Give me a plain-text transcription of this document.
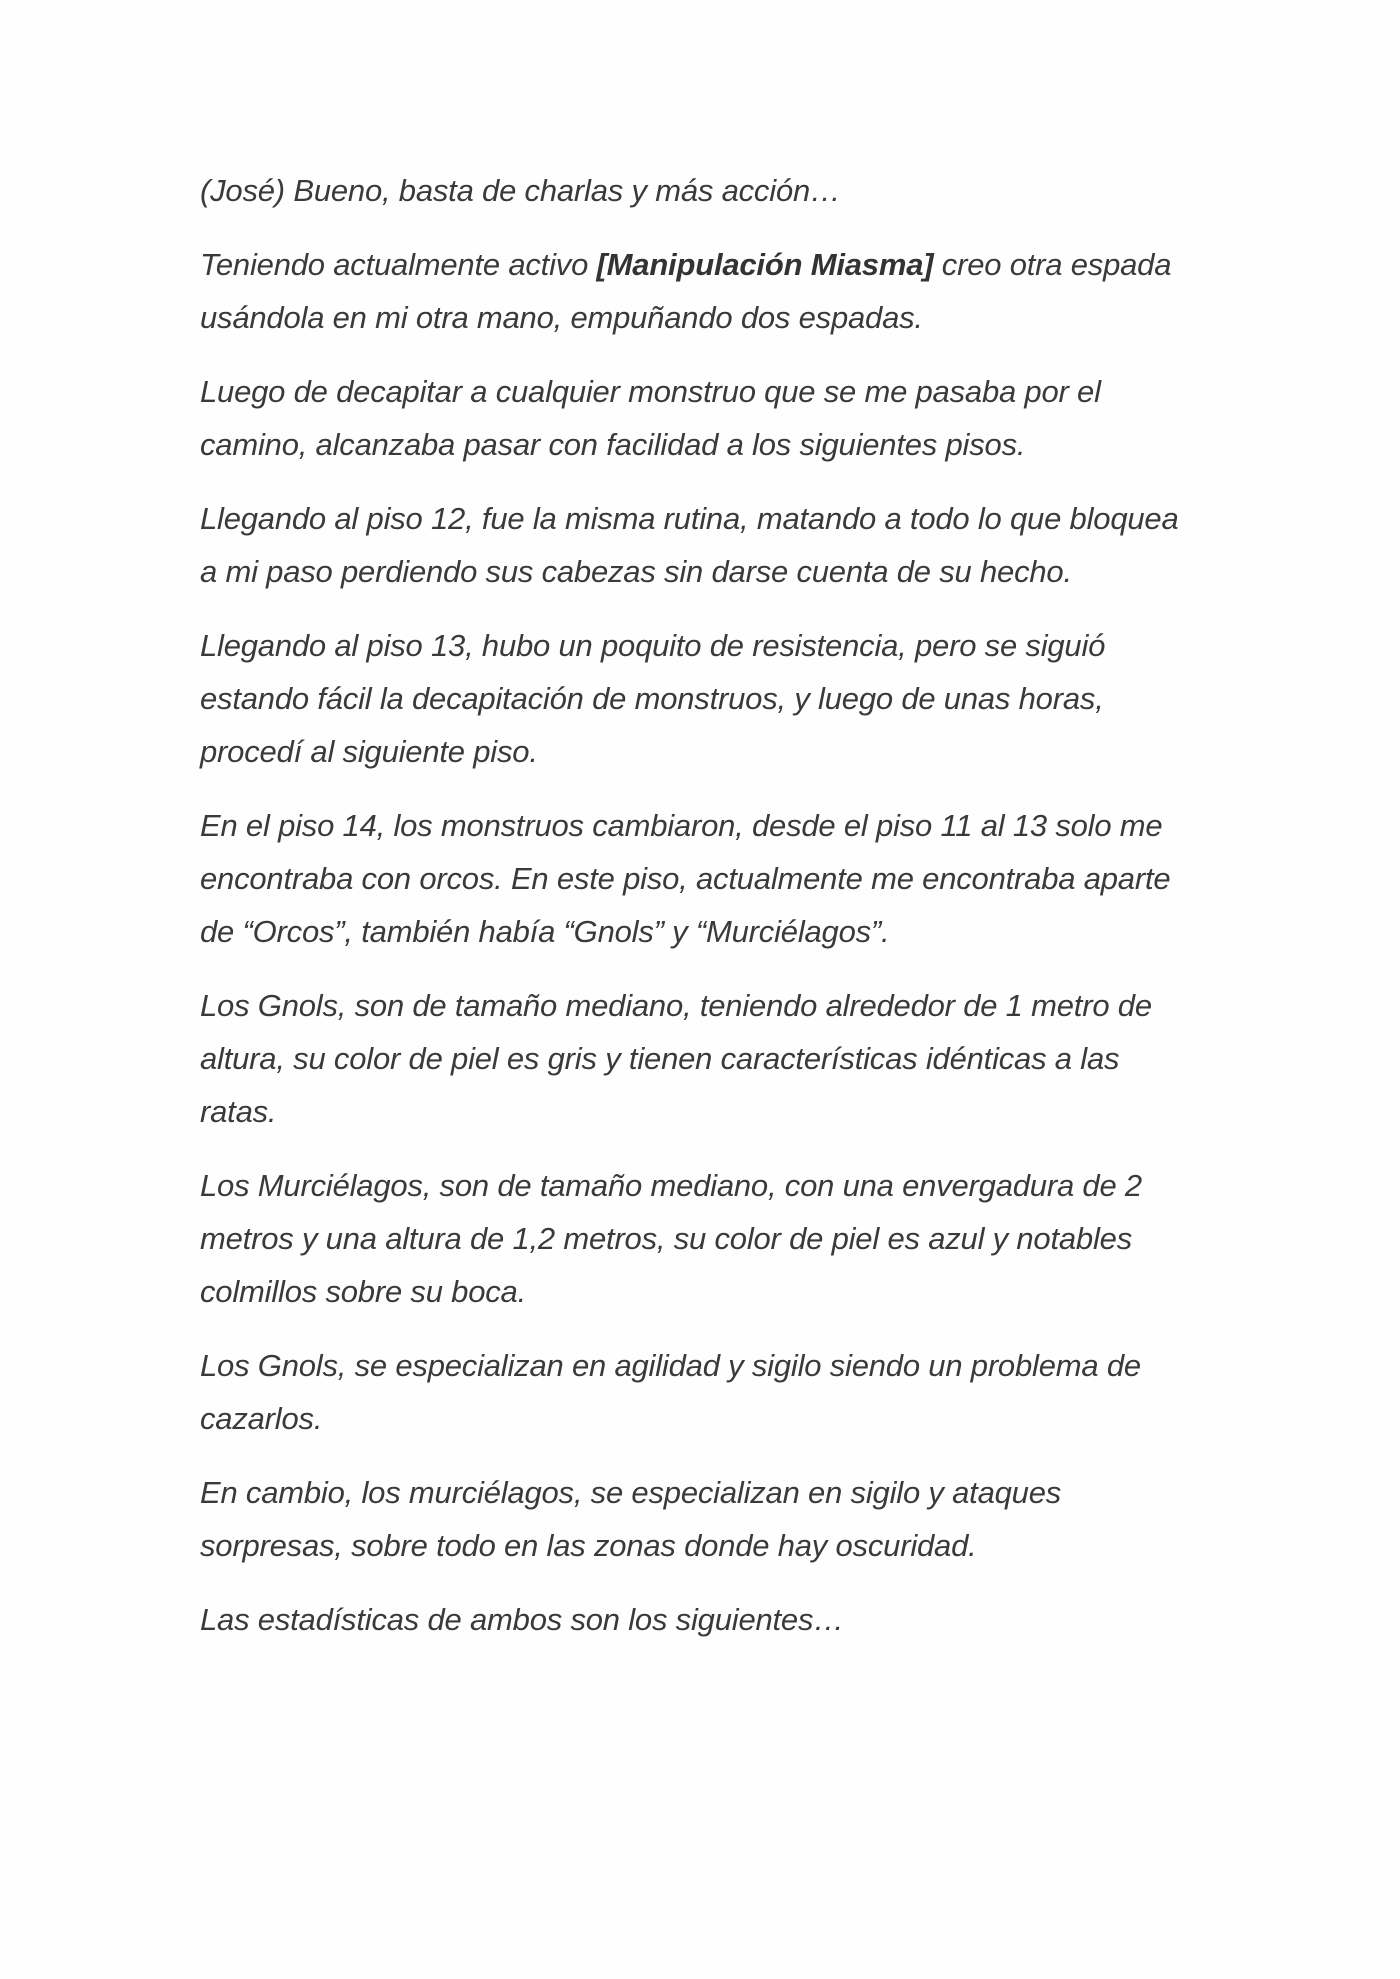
(José) Bueno, basta de charlas y más acción…

Teniendo actualmente activo [Manipulación Miasma] creo otra espada usándola en mi otra mano, empuñando dos espadas.

Luego de decapitar a cualquier monstruo que se me pasaba por el camino, alcanzaba pasar con facilidad a los siguientes pisos.

Llegando al piso 12, fue la misma rutina, matando a todo lo que bloquea a mi paso perdiendo sus cabezas sin darse cuenta de su hecho.

Llegando al piso 13, hubo un poquito de resistencia, pero se siguió estando fácil la decapitación de monstruos, y luego de unas horas, procedí al siguiente piso.

En el piso 14, los monstruos cambiaron, desde el piso 11 al 13 solo me encontraba con orcos. En este piso, actualmente me encontraba aparte de “Orcos”, también había “Gnols” y “Murciélagos”.

Los Gnols, son de tamaño mediano, teniendo alrededor de 1 metro de altura, su color de piel es gris y tienen características idénticas a las ratas.

Los Murciélagos, son de tamaño mediano, con una envergadura de 2 metros y una altura de 1,2 metros, su color de piel es azul y notables colmillos sobre su boca.

Los Gnols, se especializan en agilidad y sigilo siendo un problema de cazarlos.

En cambio, los murciélagos, se especializan en sigilo y ataques sorpresas, sobre todo en las zonas donde hay oscuridad.

Las estadísticas de ambos son los siguientes…
